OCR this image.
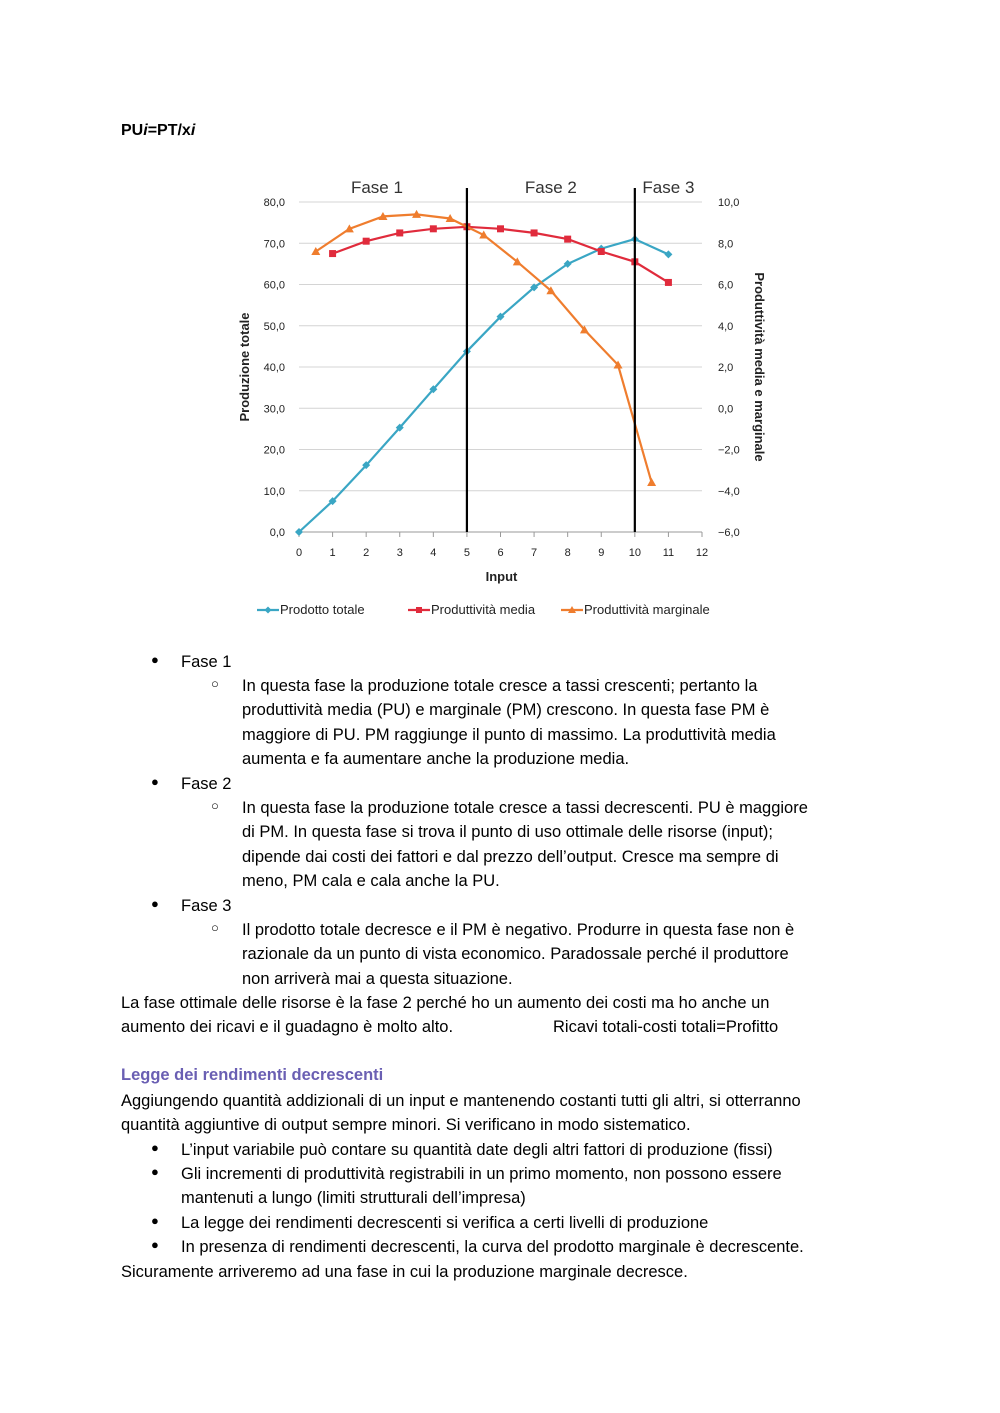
PUi=PT/xi
0,0
10,0
20,0
30,0
40,0
50,0
60,0
70,0
80,0
−6,0
−4,0
−2,0
0,0
2,0
4,0
6,0
8,0
10,0
0 1 2 3 4 5 6 7 8 9 10 11 12
Input
Produzione totale	Produttività media e marginale
Fase 1	Fase 2	Fase 3
Prodotto totale	Produttività media	Produttività marginale
● Fase 1
○ In questa fase la produzione totale cresce a tassi crescenti; pertanto la
produttività media (PU) e marginale (PM) crescono. In questa fase PM è
maggiore di PU. PM raggiunge il punto di massimo. La produttività media
aumenta e fa aumentare anche la produzione media.
● Fase 2
○ In questa fase la produzione totale cresce a tassi decrescenti. PU è maggiore
di PM. In questa fase si trova il punto di uso ottimale delle risorse (input);
dipende dai costi dei fattori e dal prezzo dell’output. Cresce ma sempre di
meno, PM cala e cala anche la PU.
● Fase 3
○ Il prodotto totale decresce e il PM è negativo. Produrre in questa fase non è
razionale da un punto di vista economico. Paradossale perché il produttore
non arriverà mai a questa situazione.
La fase ottimale delle risorse è la fase 2 perché ho un aumento dei costi ma ho anche un
aumento dei ricavi e il guadagno è molto alto.	Ricavi totali-costi totali=Profitto
Legge dei rendimenti decrescenti
Aggiungendo quantità addizionali di un input e mantenendo costanti tutti gli altri, si otterranno
quantità aggiuntive di output sempre minori. Si verificano in modo sistematico.
● L’input variabile può contare su quantità date degli altri fattori di produzione (fissi)
● Gli incrementi di produttività registrabili in un primo momento, non possono essere
mantenuti a lungo (limiti strutturali dell’impresa)
● La legge dei rendimenti decrescenti si verifica a certi livelli di produzione
● In presenza di rendimenti decrescenti, la curva del prodotto marginale è decrescente.
Sicuramente arriveremo ad una fase in cui la produzione marginale decresce.
